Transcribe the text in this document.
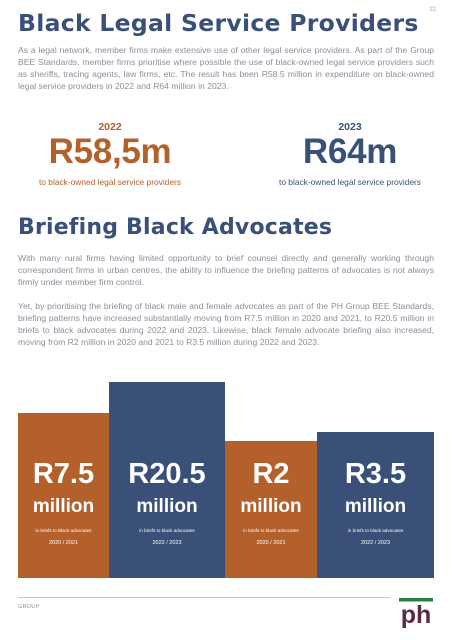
22
Black Legal Service Providers

As a legal network, member firms make extensive use of other legal service providers. As part of the Group BEE Standards, member firms prioritise where possible the use of black-owned legal service providers such as sheriffs, tracing agents, law firms, etc. The result has been R58.5 million in expenditure on black-owned legal service providers in 2022 and R64 million in 2023.

2022
R58,5m
to black-owned legal service providers
2023
R64m
to black-owned legal service providers
Briefing Black Advocates

With many rural firms having limited opportunity to brief counsel directly and generally working through correspondent firms in urban centres, the ability to influence the briefing patterns of advocates is not always firmly under member firm control.

Yet, by prioritising the briefing of black male and female advocates as part of the PH Group BEE Standards, briefing patterns have increased substantially moving from R7.5 million in 2020 and 2021, to R20.5 million in briefs to black advocates during 2022 and 2023. Likewise, black female advocate briefing also increased, moving from R2 million in 2020 and 2021 to R3.5 million during 2022 and 2023.

R7.5
million
in briefs to Black advocates
2020 / 2021
R20.5
million
in briefs to black advocates
2022 / 2023
R2
million
in briefs to black advocates
2020 / 2021
R3.5
million
in briefs to black advocates
2022 / 2023
GROUP	ph
